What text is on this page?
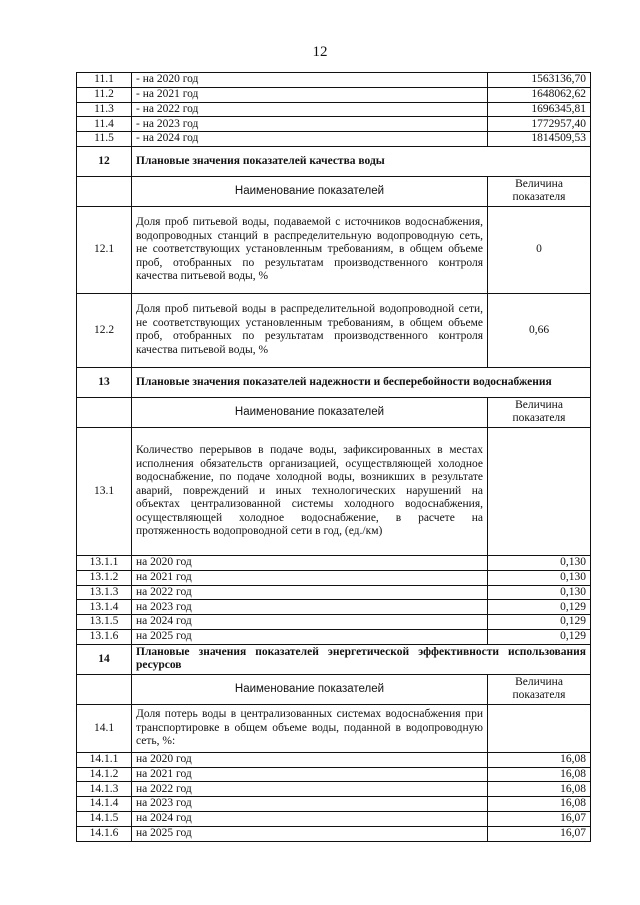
12
11.1	- на 2020 год	1563136,70
11.2	- на 2021 год	1648062,62
11.3	- на 2022 год	1696345,81
11.4	- на 2023 год	1772957,40
11.5	- на 2024 год	1814509,53
12	Плановые значения показателей качества воды	
	Наименование показателей	Величина показателя
12.1	Доля проб питьевой воды, подаваемой с источников водоснабжения, водопроводных станций в распределительную водопроводную сеть, не соответствующих установленным требованиям, в общем объеме проб, отобранных по результатам производственного контроля качества питьевой воды, %	0
12.2	Доля проб питьевой воды в распределительной водопроводной сети, не соответствующих установленным требованиям, в общем объеме проб, отобранных по результатам производственного контроля качества питьевой воды, %	0,66
13	Плановые значения показателей надежности и бесперебойности водоснабжения	
	Наименование показателей	Величина показателя
13.1	Количество перерывов в подаче воды, зафиксированных в местах исполнения обязательств организацией, осуществляющей холодное водоснабжение, по подаче холодной воды, возникших в результате аварий, повреждений и иных технологических нарушений на объектах централизованной системы холодного водоснабжения, осуществляющей холодное водоснабжение, в расчете на протяженность водопроводной сети в год, (ед./км)	
13.1.1	на 2020 год	0,130
13.1.2	на 2021 год	0,130
13.1.3	на 2022 год	0,130
13.1.4	на 2023 год	0,129
13.1.5	на 2024 год	0,129
13.1.6	на 2025 год	0,129
14	Плановые значения показателей энергетической эффективности использования ресурсов	
	Наименование показателей	Величина показателя
14.1	Доля потерь воды в централизованных системах водоснабжения при транспортировке в общем объеме воды, поданной в водопроводную сеть, %:	
14.1.1	на 2020 год	16,08
14.1.2	на 2021 год	16,08
14.1.3	на 2022 год	16,08
14.1.4	на 2023 год	16,08
14.1.5	на 2024 год	16,07
14.1.6	на 2025 год	16,07
